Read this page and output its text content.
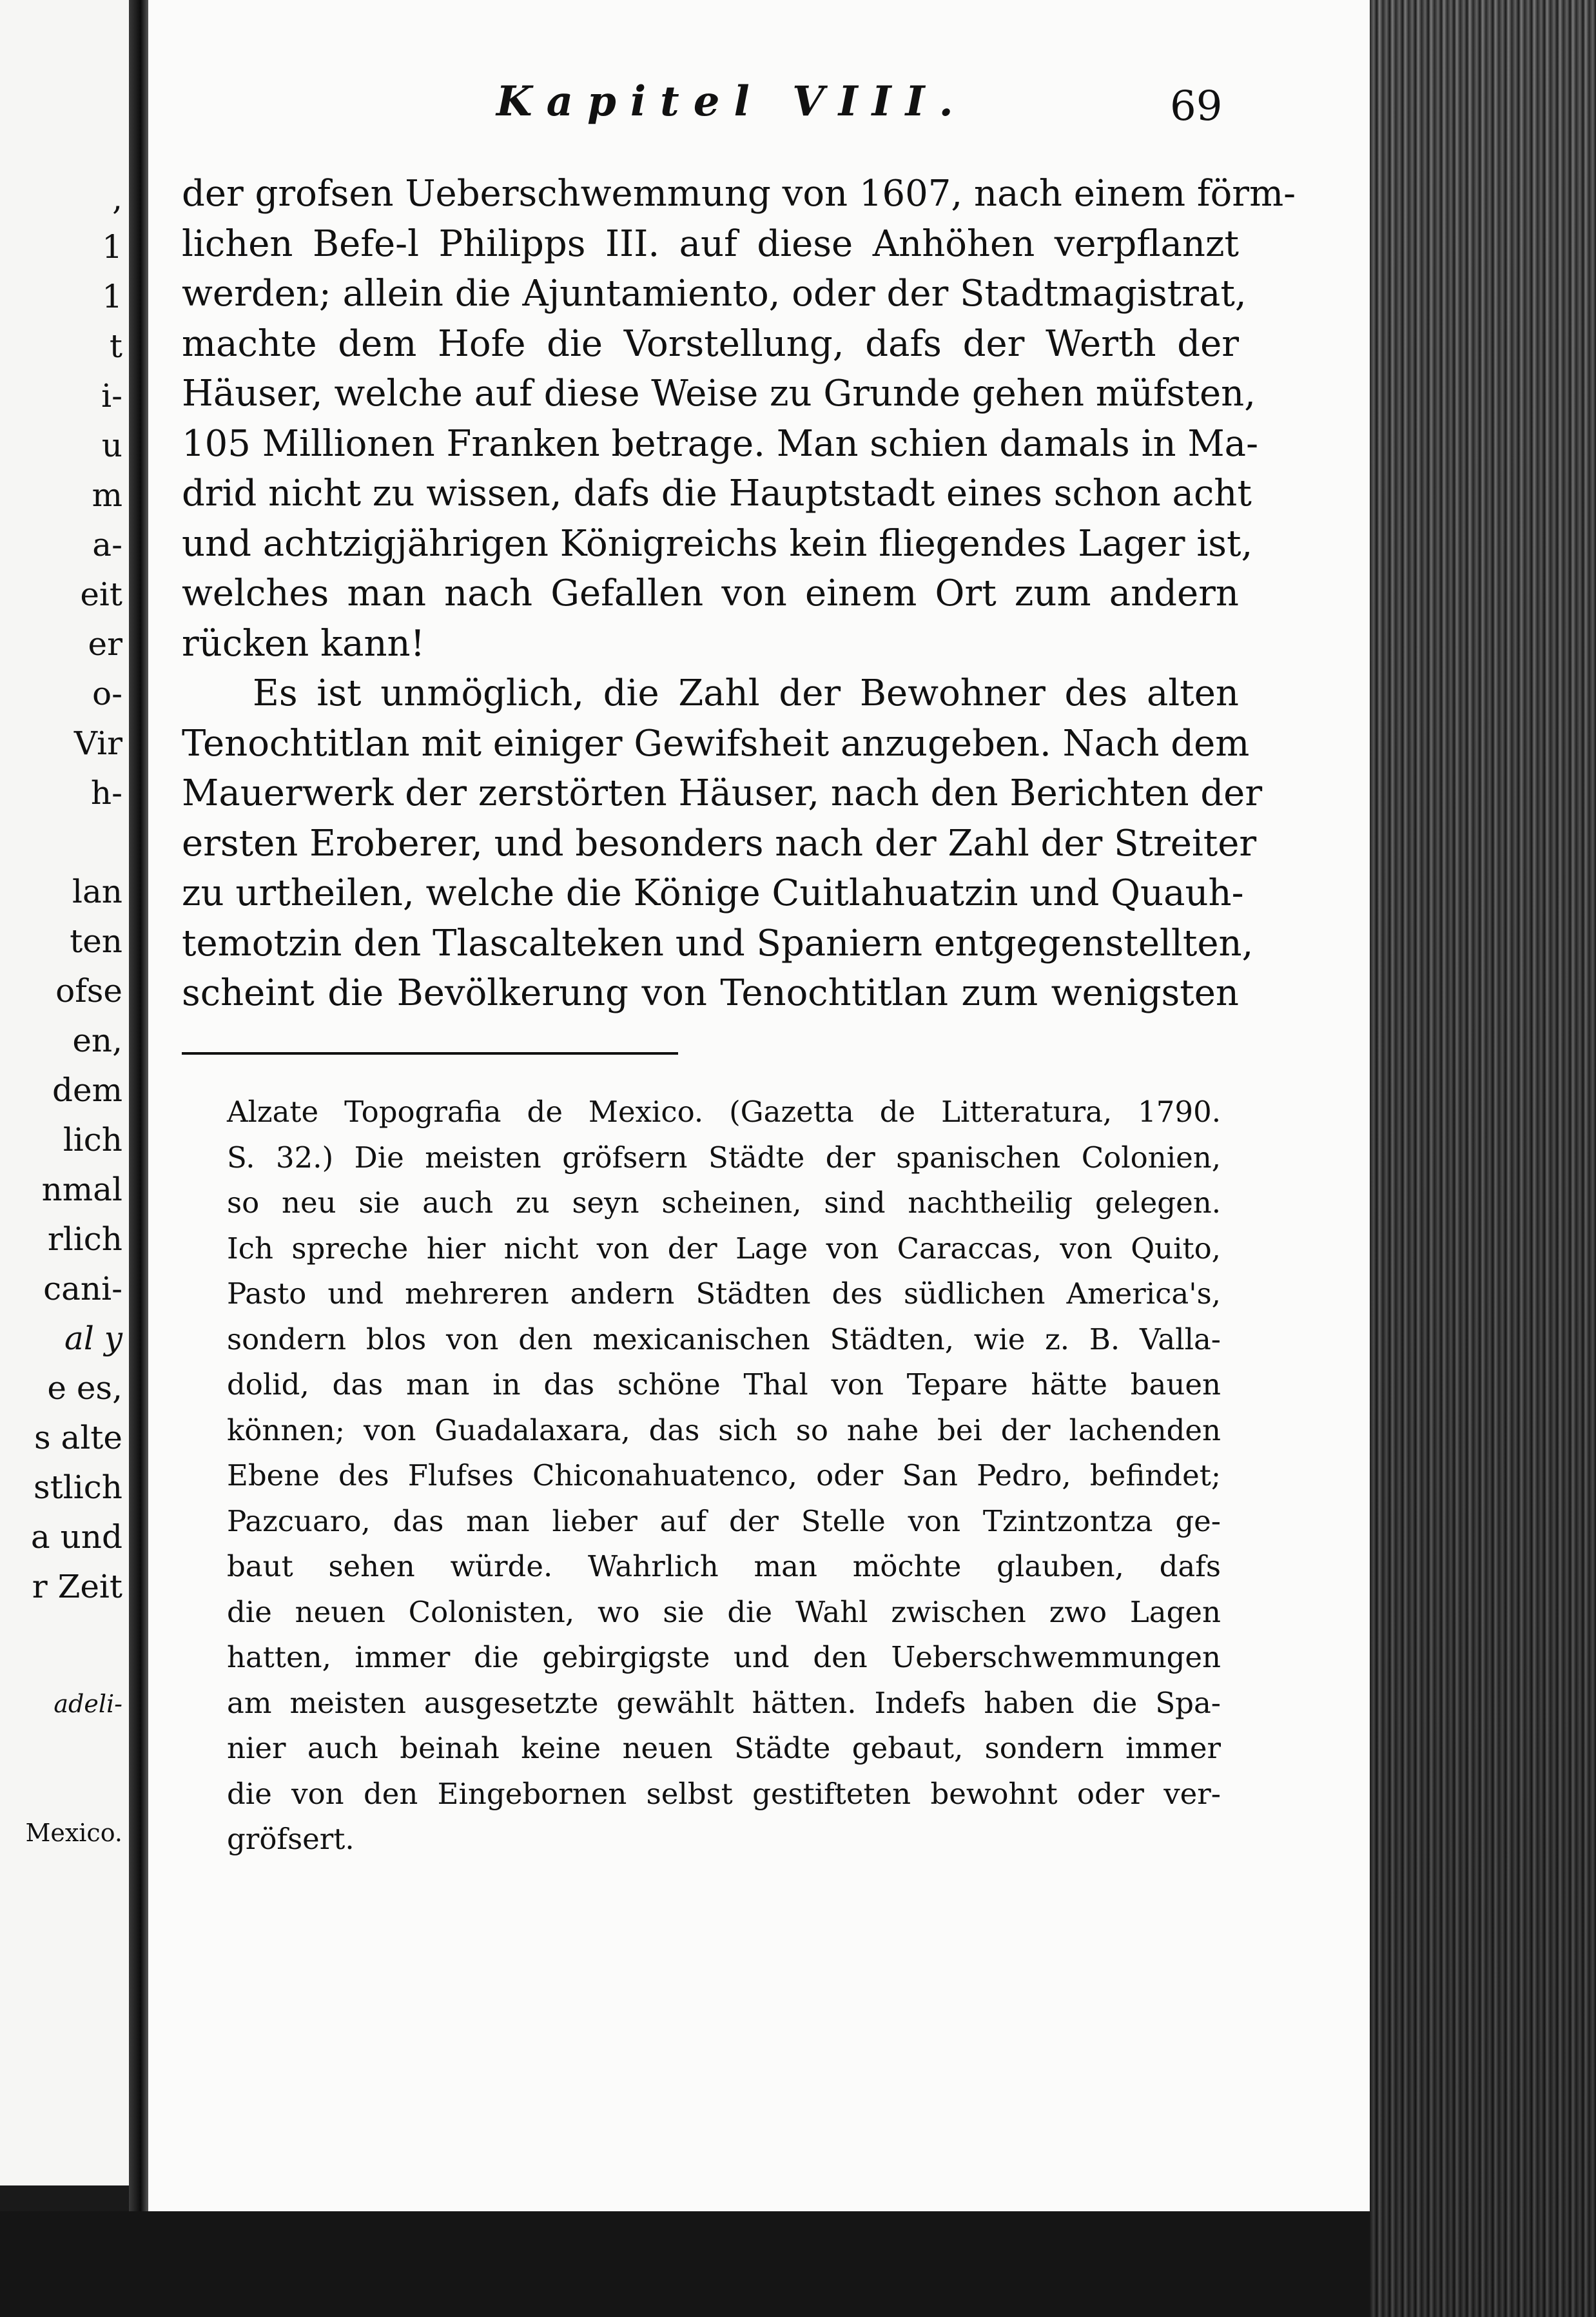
,
1
1
t
i-
u
m
a-
eit
er
o-
Vir
h-
lan
ten
ofse
en,
dem
lich
nmal
rlich
cani-
al y
e es,
s alte
stlich
a und
r Zeit
adeli-
Mexico.
Kapitel VIII.	69
der grofsen Ueberschwemmung von 1607, nach einem förm-
lichen Befe-l Philipps III. auf diese Anhöhen verpflanzt
werden; allein die Ajuntamiento, oder der Stadtmagistrat,
machte dem Hofe die Vorstellung, dafs der Werth der
Häuser, welche auf diese Weise zu Grunde gehen müfsten,
105 Millionen Franken betrage. Man schien damals in Ma-
drid nicht zu wissen, dafs die Hauptstadt eines schon acht
und achtzigjährigen Königreichs kein fliegendes Lager ist,
welches man nach Gefallen von einem Ort zum andern
rücken kann!
Es ist unmöglich, die Zahl der Bewohner des alten
Tenochtitlan mit einiger Gewifsheit anzugeben. Nach dem
Mauerwerk der zerstörten Häuser, nach den Berichten der
ersten Eroberer, und besonders nach der Zahl der Streiter
zu urtheilen, welche die Könige Cuitlahuatzin und Quauh-
temotzin den Tlascalteken und Spaniern entgegenstellten,
scheint die Bevölkerung von Tenochtitlan zum wenigsten
Alzate Topografia de Mexico. (Gazetta de Litteratura, 1790.
S. 32.) Die meisten gröfsern Städte der spanischen Colonien,
so neu sie auch zu seyn scheinen, sind nachtheilig gelegen.
Ich spreche hier nicht von der Lage von Caraccas, von Quito,
Pasto und mehreren andern Städten des südlichen America's,
sondern blos von den mexicanischen Städten, wie z. B. Valla-
dolid, das man in das schöne Thal von Tepare hätte bauen
können; von Guadalaxara, das sich so nahe bei der lachenden
Ebene des Flufses Chiconahuatenco, oder San Pedro, befindet;
Pazcuaro, das man lieber auf der Stelle von Tzintzontza ge-
baut sehen würde. Wahrlich man möchte glauben, dafs
die neuen Colonisten, wo sie die Wahl zwischen zwo Lagen
hatten, immer die gebirgigste und den Ueberschwemmungen
am meisten ausgesetzte gewählt hätten. Indefs haben die Spa-
nier auch beinah keine neuen Städte gebaut, sondern immer
die von den Eingebornen selbst gestifteten bewohnt oder ver-
gröfsert.
